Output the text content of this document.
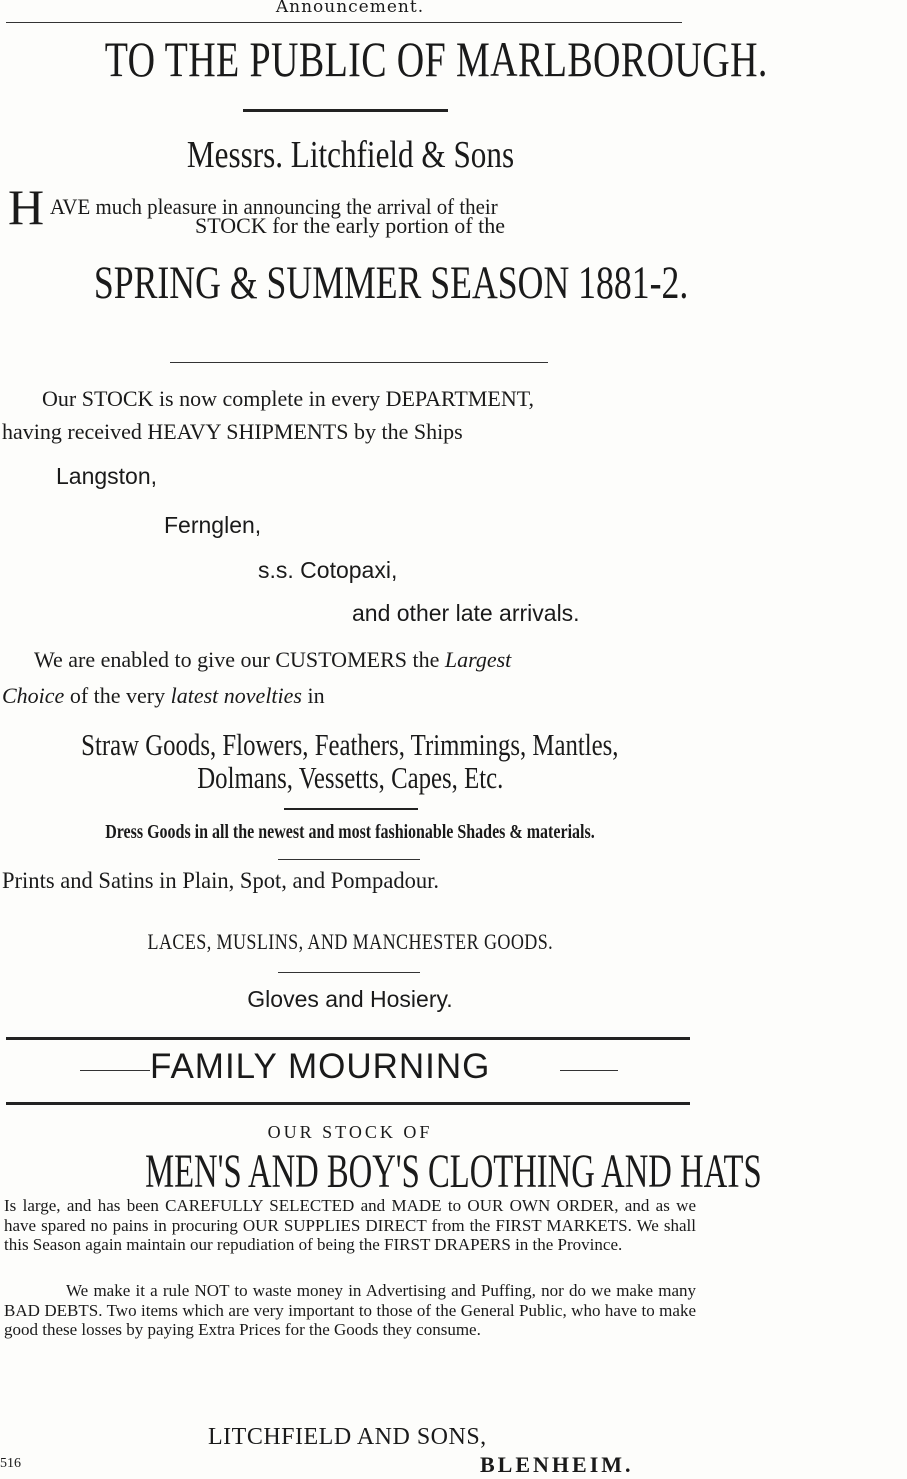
Announcement.
TO THE PUBLIC OF MARLBOROUGH.
Messrs. Litchfield & Sons
H AVE much pleasure in announcing the arrival of their
STOCK for the early portion of the
SPRING & SUMMER SEASON 1881-2.
Our STOCK is now complete in every DEPARTMENT,
having received HEAVY SHIPMENTS by the Ships
Langston,
Fernglen,
s.s. Cotopaxi,
and other late arrivals.
We are enabled to give our CUSTOMERS the Largest
Choice of the very latest novelties in
Straw Goods, Flowers, Feathers, Trimmings, Mantles,
Dolmans, Vessetts, Capes, Etc.
Dress Goods in all the newest and most fashionable Shades & materials.
Prints and Satins in Plain, Spot, and Pompadour.
LACES, MUSLINS, AND MANCHESTER GOODS.
Gloves and Hosiery.
FAMILY MOURNING
OUR STOCK OF
MEN'S AND BOY'S CLOTHING AND HATS
Is large, and has been CAREFULLY SELECTED and MADE to OUR OWN ORDER, and as we have spared no pains in procuring OUR SUPPLIES DIRECT from the FIRST MARKETS. We shall this Season again maintain our repudiation of being the FIRST DRAPERS in the Province.
We make it a rule NOT to waste money in Advertising and Puffing, nor do we make many BAD DEBTS. Two items which are very important to those of the General Public, who have to make good these losses by paying Extra Prices for the Goods they consume.
LITCHFIELD AND SONS,
516	BLENHEIM.
